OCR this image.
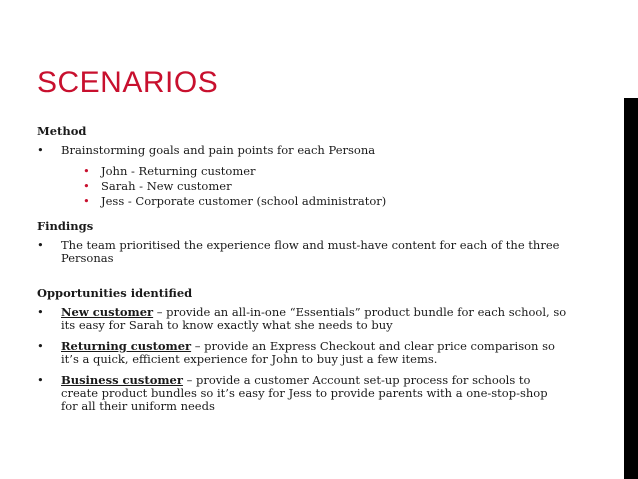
SCENARIOS
Method
• Brainstorming goals and pain points for each Persona
• John - Returning customer
• Sarah - New customer
• Jess - Corporate customer (school administrator)
Findings
• The team prioritised the experience flow and must-have content for each of the three Personas
Opportunities identified
• New customer – provide an all-in-one “Essentials” product bundle for each school, so its easy for Sarah to know exactly what she needs to buy
• Returning customer – provide an Express Checkout and clear price comparison so it’s a quick, efficient experience for John to buy just a few items.
• Business customer – provide a customer Account set-up process for schools to create product bundles so it’s easy for Jess to provide parents with a one-stop-shop for all their uniform needs
